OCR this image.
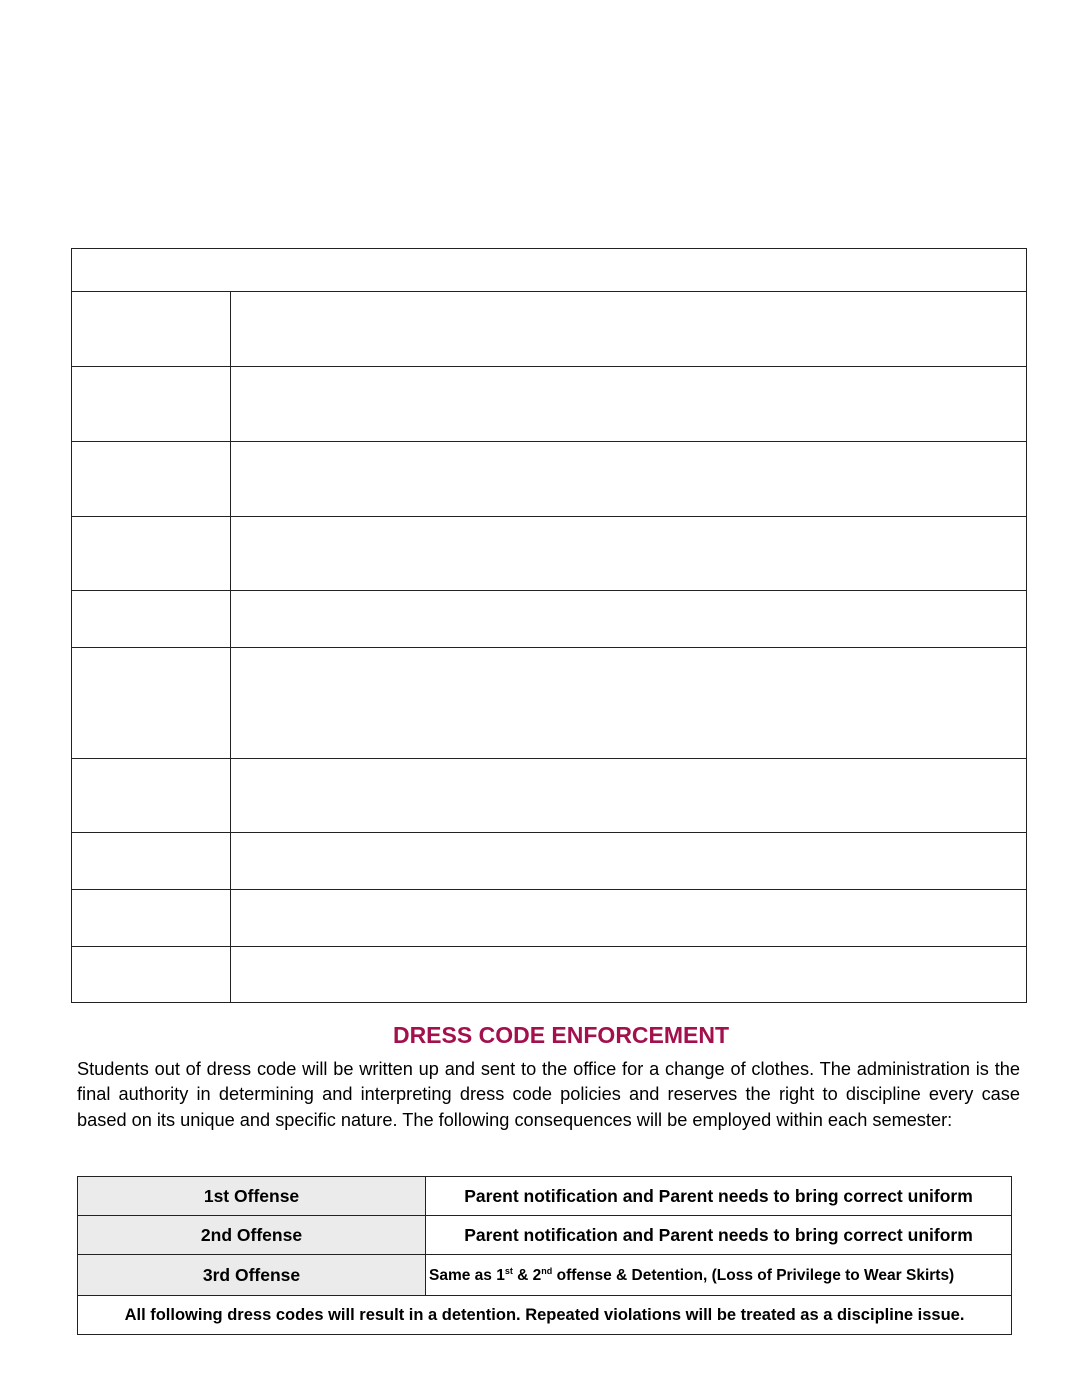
DRESS CODE ENFORCEMENT

Students out of dress code will be written up and sent to the office for a change of clothes. The administration is the final authority in determining and interpreting dress code policies and reserves the right to discipline every case based on its unique and specific nature. The following consequences will be employed within each semester:

1st Offense	Parent notification and Parent needs to bring correct uniform
2nd Offense	Parent notification and Parent needs to bring correct uniform
3rd Offense	Same as 1st & 2nd offense & Detention, (Loss of Privilege to Wear Skirts)
All following dress codes will result in a detention. Repeated violations will be treated as a discipline issue.	
